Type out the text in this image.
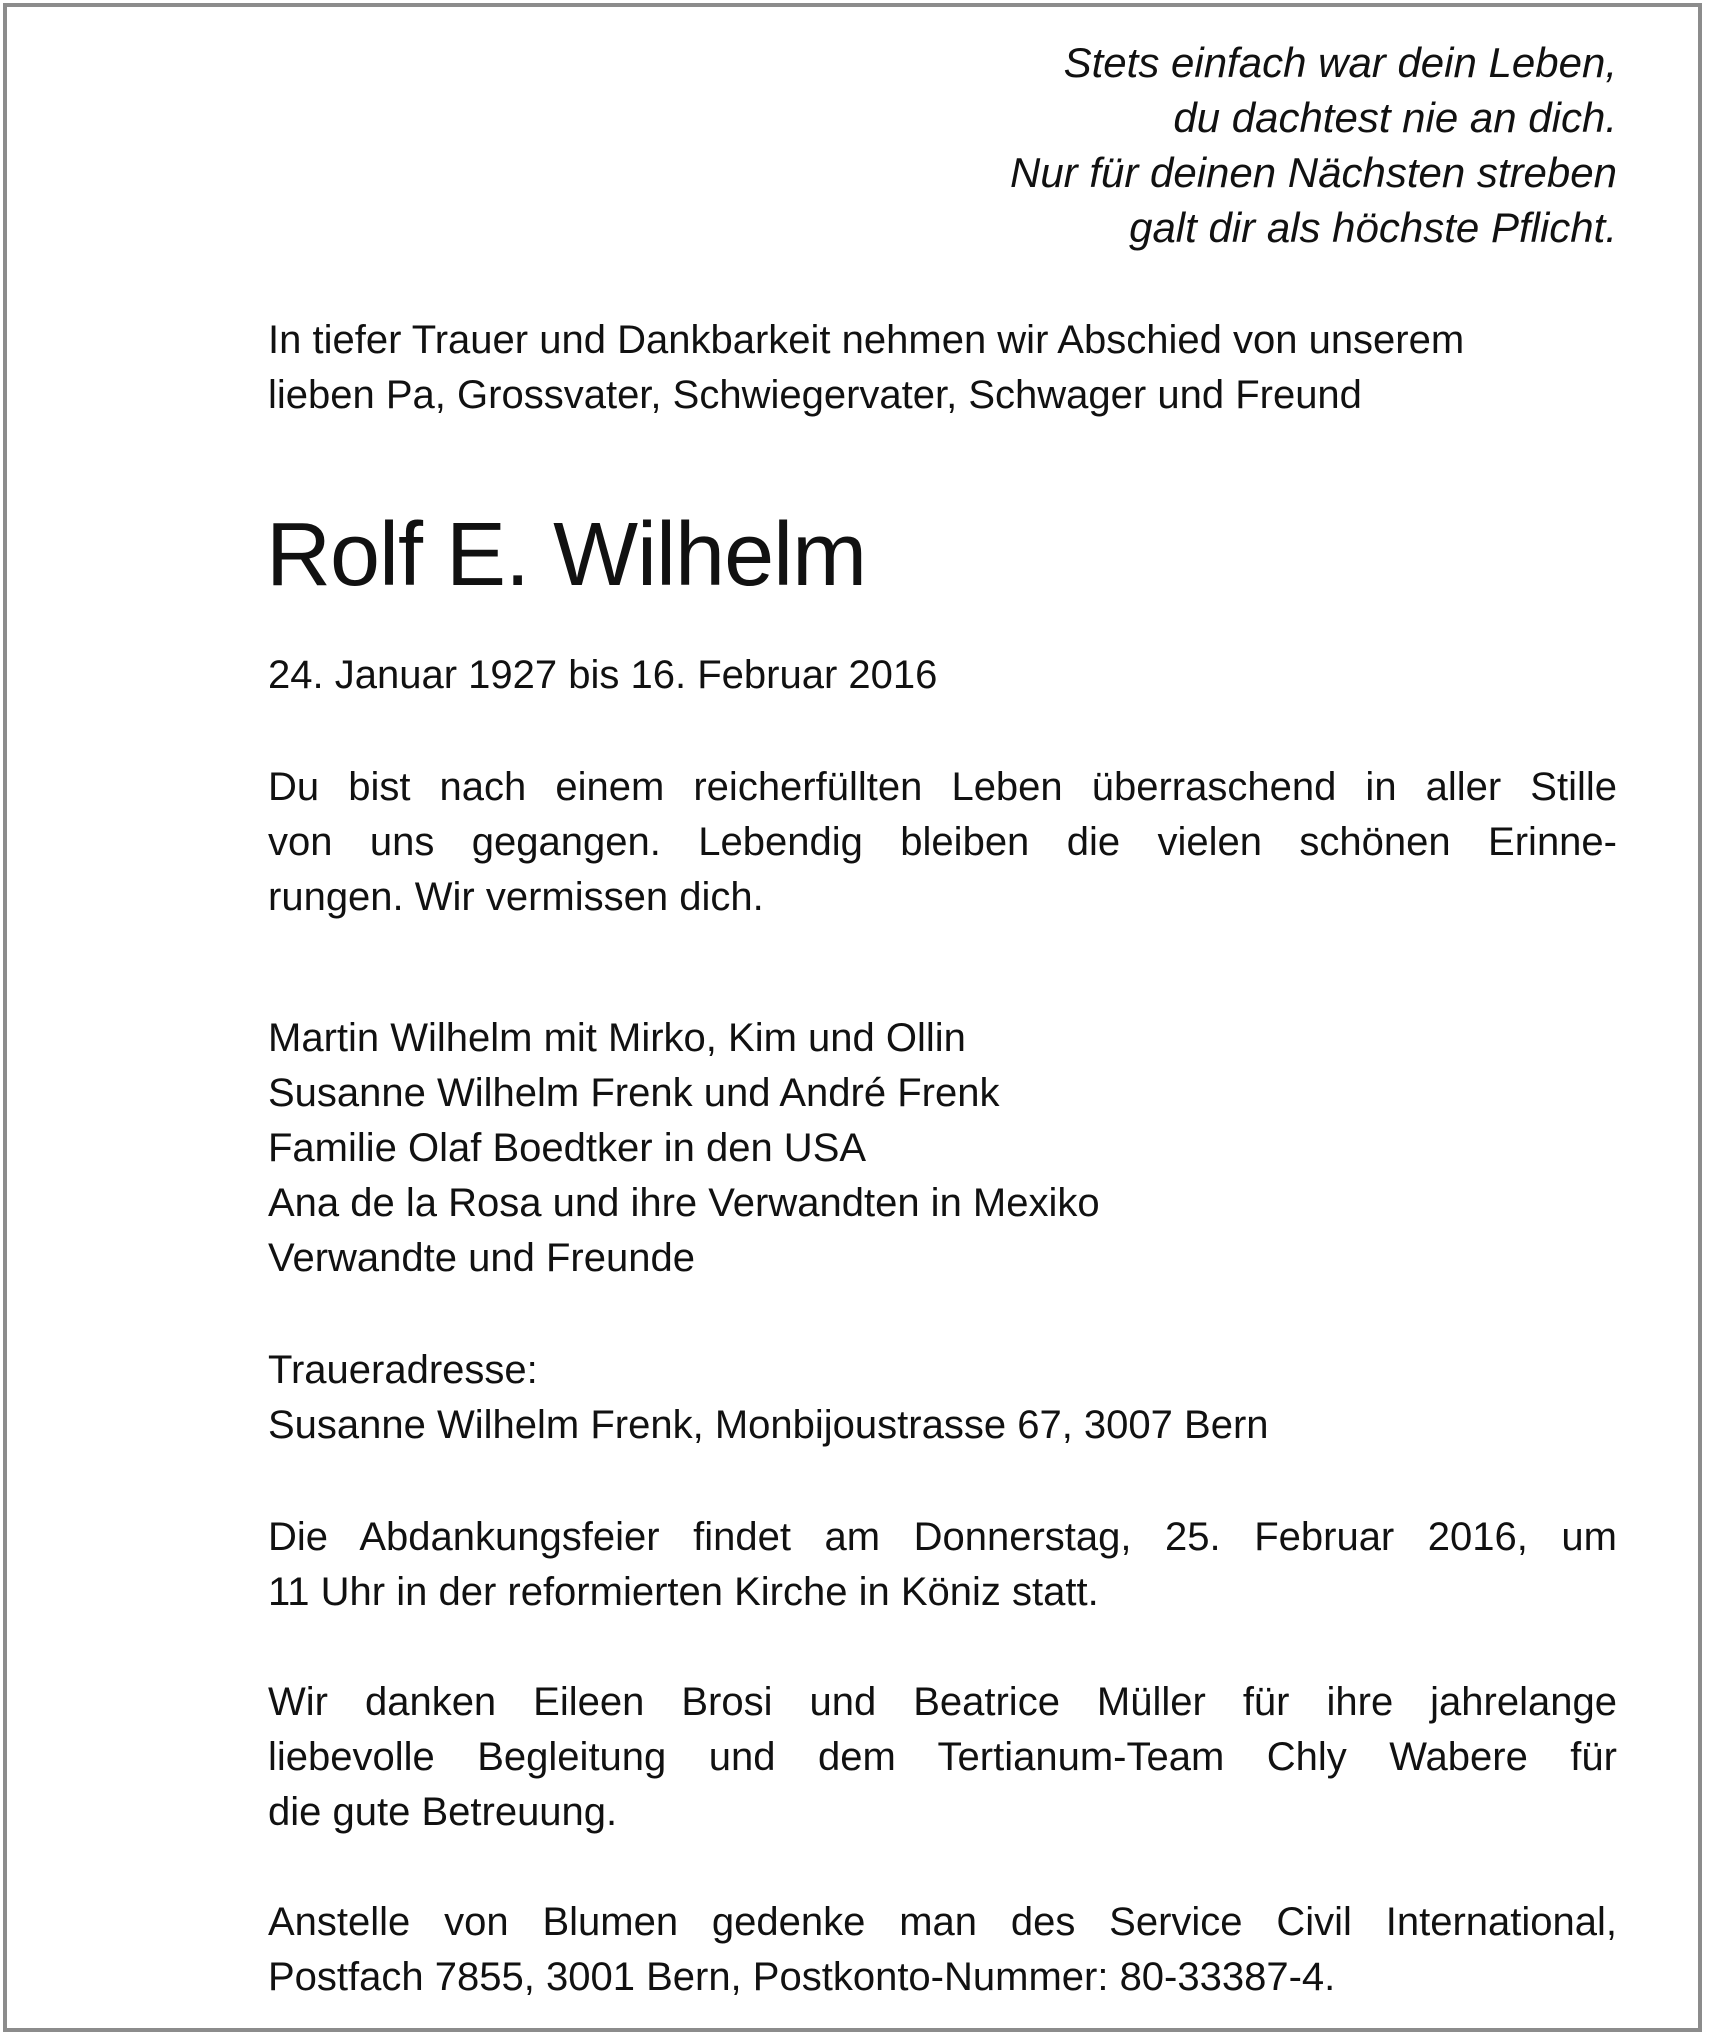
Stets einfach war dein Leben,
du dachtest nie an dich.
Nur für deinen Nächsten streben
galt dir als höchste Pflicht.
In tiefer Trauer und Dankbarkeit nehmen wir Abschied von unserem
lieben Pa, Grossvater, Schwiegervater, Schwager und Freund
Rolf E. Wilhelm
24. Januar 1927 bis 16. Februar 2016
Du bist nach einem reicherfüllten Leben überraschend in aller Stille
von uns gegangen. Lebendig bleiben die vielen schönen Erinne-
rungen. Wir vermissen dich.
Martin Wilhelm mit Mirko, Kim und Ollin
Susanne Wilhelm Frenk und André Frenk
Familie Olaf Boedtker in den USA
Ana de la Rosa und ihre Verwandten in Mexiko
Verwandte und Freunde
Traueradresse:
Susanne Wilhelm Frenk, Monbijoustrasse 67, 3007 Bern
Die Abdankungsfeier findet am Donnerstag, 25. Februar 2016, um
11 Uhr in der reformierten Kirche in Köniz statt.
Wir danken Eileen Brosi und Beatrice Müller für ihre jahrelange
liebevolle Begleitung und dem Tertianum-Team Chly Wabere für
die gute Betreuung.
Anstelle von Blumen gedenke man des Service Civil International,
Postfach 7855, 3001 Bern, Postkonto-Nummer: 80-33387-4.
